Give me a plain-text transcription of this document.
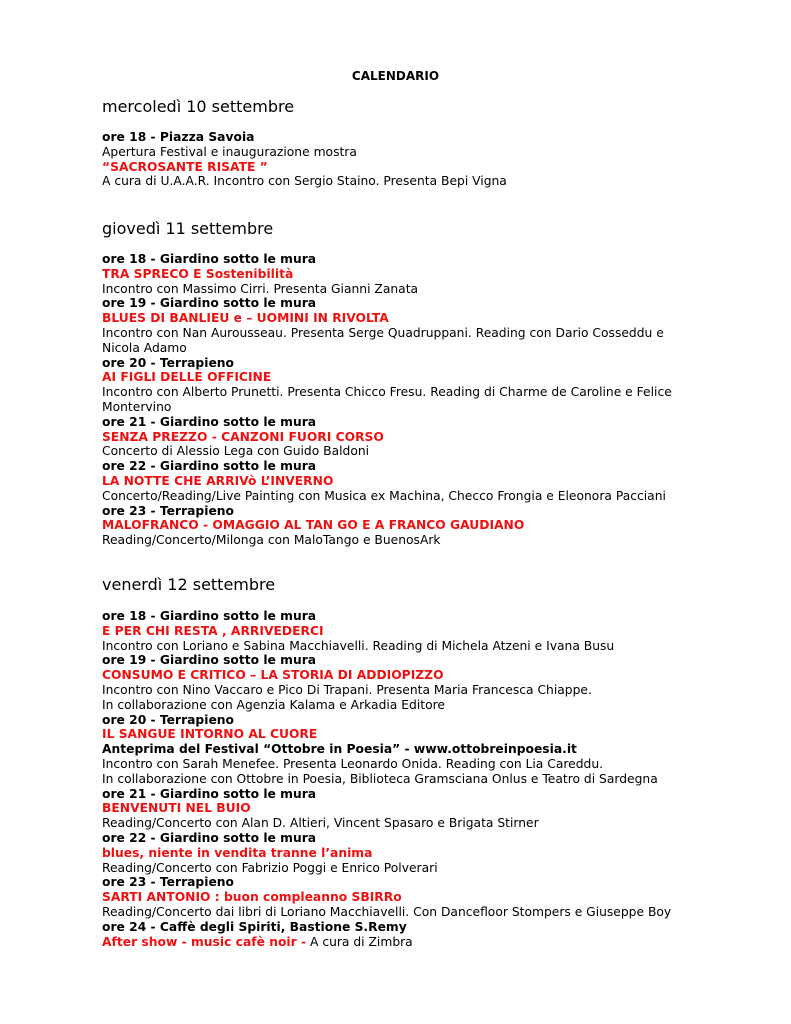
CALENDARIO
mercoledì 10 settembre
ore 18 - Piazza Savoia
Apertura Festival e inaugurazione mostra
“SACROSANTE RISATE ”
A cura di U.A.A.R. Incontro con Sergio Staino. Presenta Bepi Vigna
giovedì 11 settembre
ore 18 - Giardino sotto le mura
TRA SPRECO E Sostenibilità
Incontro con Massimo Cirri. Presenta Gianni Zanata
ore 19 - Giardino sotto le mura
BLUES DI BANLIEU e – UOMINI IN RIVOLTA
Incontro con Nan Aurousseau. Presenta Serge Quadruppani. Reading con Dario Cosseddu e
Nicola Adamo
ore 20 - Terrapieno
AI FIGLI DELLE OFFICINE
Incontro con Alberto Prunetti. Presenta Chicco Fresu. Reading di Charme de Caroline e Felice
Montervino
ore 21 - Giardino sotto le mura
SENZA PREZZO - CANZONI FUORI CORSO
Concerto di Alessio Lega con Guido Baldoni
ore 22 - Giardino sotto le mura
LA NOTTE CHE ARRIVò L’INVERNO
Concerto/Reading/Live Painting con Musica ex Machina, Checco Frongia e Eleonora Pacciani
ore 23 - Terrapieno
MALOFRANCO - OMAGGIO AL TAN GO E A FRANCO GAUDIANO
Reading/Concerto/Milonga con MaloTango e BuenosArk
venerdì 12 settembre
ore 18 - Giardino sotto le mura
E PER CHI RESTA , ARRIVEDERCI
Incontro con Loriano e Sabina Macchiavelli. Reading di Michela Atzeni e Ivana Busu
ore 19 - Giardino sotto le mura
CONSUMO E CRITICO – LA STORIA DI ADDIOPIZZO
Incontro con Nino Vaccaro e Pico Di Trapani. Presenta Maria Francesca Chiappe.
In collaborazione con Agenzia Kalama e Arkadia Editore
ore 20 - Terrapieno
IL SANGUE INTORNO AL CUORE
Anteprima del Festival “Ottobre in Poesia” - www.ottobreinpoesia.it
Incontro con Sarah Menefee. Presenta Leonardo Onida. Reading con Lia Careddu.
In collaborazione con Ottobre in Poesia, Biblioteca Gramsciana Onlus e Teatro di Sardegna
ore 21 - Giardino sotto le mura
BENVENUTI NEL BUIO
Reading/Concerto con Alan D. Altieri, Vincent Spasaro e Brigata Stirner
ore 22 - Giardino sotto le mura
blues, niente in vendita tranne l’anima
Reading/Concerto con Fabrizio Poggi e Enrico Polverari
ore 23 - Terrapieno
SARTI ANTONIO : buon compleanno SBIRRo
Reading/Concerto dai libri di Loriano Macchiavelli. Con Dancefloor Stompers e Giuseppe Boy
ore 24 - Caffè degli Spiriti, Bastione S.Remy
After show - music cafè noir - A cura di Zimbra
